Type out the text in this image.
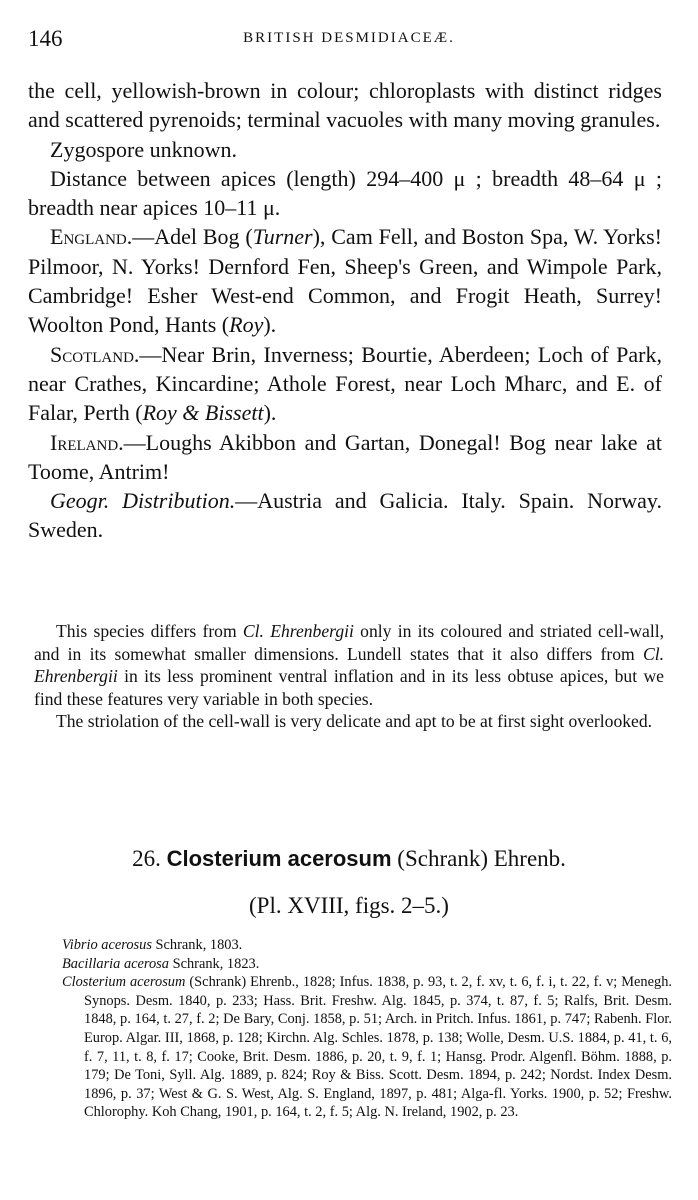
146	BRITISH DESMIDIACEÆ.

the cell, yellowish-brown in colour; chloroplasts with distinct ridges and scattered pyrenoids; terminal vacuoles with many moving granules.

Zygospore unknown.

Distance between apices (length) 294–400 μ ; breadth 48–64 μ ; breadth near apices 10–11 μ.

England.—Adel Bog (Turner), Cam Fell, and Boston Spa, W. Yorks! Pilmoor, N. Yorks! Dernford Fen, Sheep's Green, and Wimpole Park, Cambridge! Esher West-end Common, and Frogit Heath, Surrey! Woolton Pond, Hants (Roy).

Scotland.—Near Brin, Inverness; Bourtie, Aberdeen; Loch of Park, near Crathes, Kincardine; Athole Forest, near Loch Mharc, and E. of Falar, Perth (Roy & Bissett).

Ireland.—Loughs Akibbon and Gartan, Donegal! Bog near lake at Toome, Antrim!

Geogr. Distribution.—Austria and Galicia. Italy. Spain. Norway. Sweden.

This species differs from Cl. Ehrenbergii only in its coloured and striated cell-wall, and in its somewhat smaller dimensions. Lundell states that it also differs from Cl. Ehrenbergii in its less prominent ventral inflation and in its less obtuse apices, but we find these features very variable in both species.

The striolation of the cell-wall is very delicate and apt to be at first sight overlooked.

26. Closterium acerosum (Schrank) Ehrenb.
(Pl. XVIII, figs. 2–5.)

Vibrio acerosus Schrank, 1803.

Bacillaria acerosa Schrank, 1823.

Closterium acerosum (Schrank) Ehrenb., 1828; Infus. 1838, p. 93, t. 2, f. xv, t. 6, f. i, t. 22, f. v; Menegh. Synops. Desm. 1840, p. 233; Hass. Brit. Freshw. Alg. 1845, p. 374, t. 87, f. 5; Ralfs, Brit. Desm. 1848, p. 164, t. 27, f. 2; De Bary, Conj. 1858, p. 51; Arch. in Pritch. Infus. 1861, p. 747; Rabenh. Flor. Europ. Algar. III, 1868, p. 128; Kirchn. Alg. Schles. 1878, p. 138; Wolle, Desm. U.S. 1884, p. 41, t. 6, f. 7, 11, t. 8, f. 17; Cooke, Brit. Desm. 1886, p. 20, t. 9, f. 1; Hansg. Prodr. Algenfl. Böhm. 1888, p. 179; De Toni, Syll. Alg. 1889, p. 824; Roy & Biss. Scott. Desm. 1894, p. 242; Nordst. Index Desm. 1896, p. 37; West & G. S. West, Alg. S. England, 1897, p. 481; Alga-fl. Yorks. 1900, p. 52; Freshw. Chlorophy. Koh Chang, 1901, p. 164, t. 2, f. 5; Alg. N. Ireland, 1902, p. 23.
